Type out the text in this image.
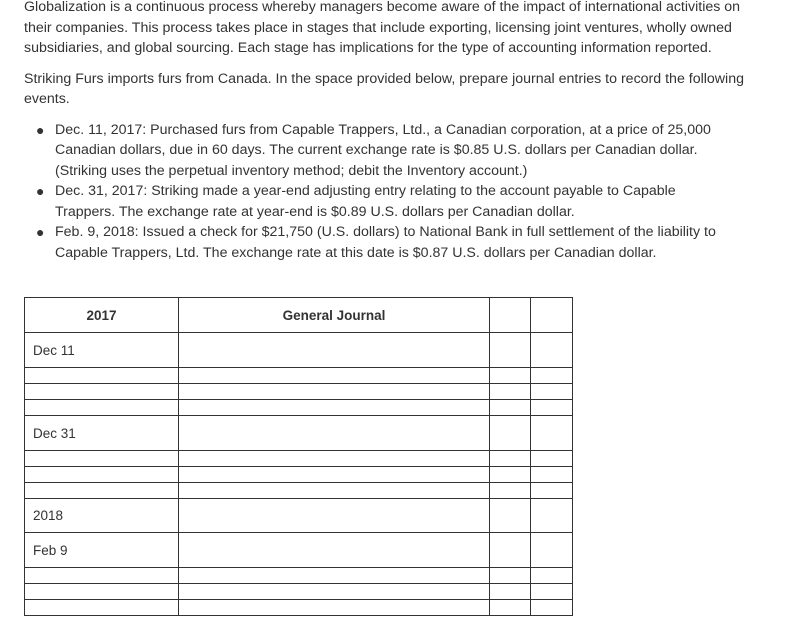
Globalization is a continuous process whereby managers become aware of the impact of international activities on their companies. This process takes place in stages that include exporting, licensing joint ventures, wholly owned subsidiaries, and global sourcing. Each stage has implications for the type of accounting information reported.

Striking Furs imports furs from Canada. In the space provided below, prepare journal entries to record the following events.

● Dec. 11, 2017: Purchased furs from Capable Trappers, Ltd., a Canadian corporation, at a price of 25,000
Canadian dollars, due in 60 days. The current exchange rate is $0.85 U.S. dollars per Canadian dollar.
(Striking uses the perpetual inventory method; debit the Inventory account.)
● Dec. 31, 2017: Striking made a year-end adjusting entry relating to the account payable to Capable
Trappers. The exchange rate at year-end is $0.89 U.S. dollars per Canadian dollar.
● Feb. 9, 2018: Issued a check for $21,750 (U.S. dollars) to National Bank in full settlement of the liability to
Capable Trappers, Ltd. The exchange rate at this date is $0.87 U.S. dollars per Canadian dollar.
2017	General Journal		
Dec 11			

Dec 31			

2018			
Feb 9			
